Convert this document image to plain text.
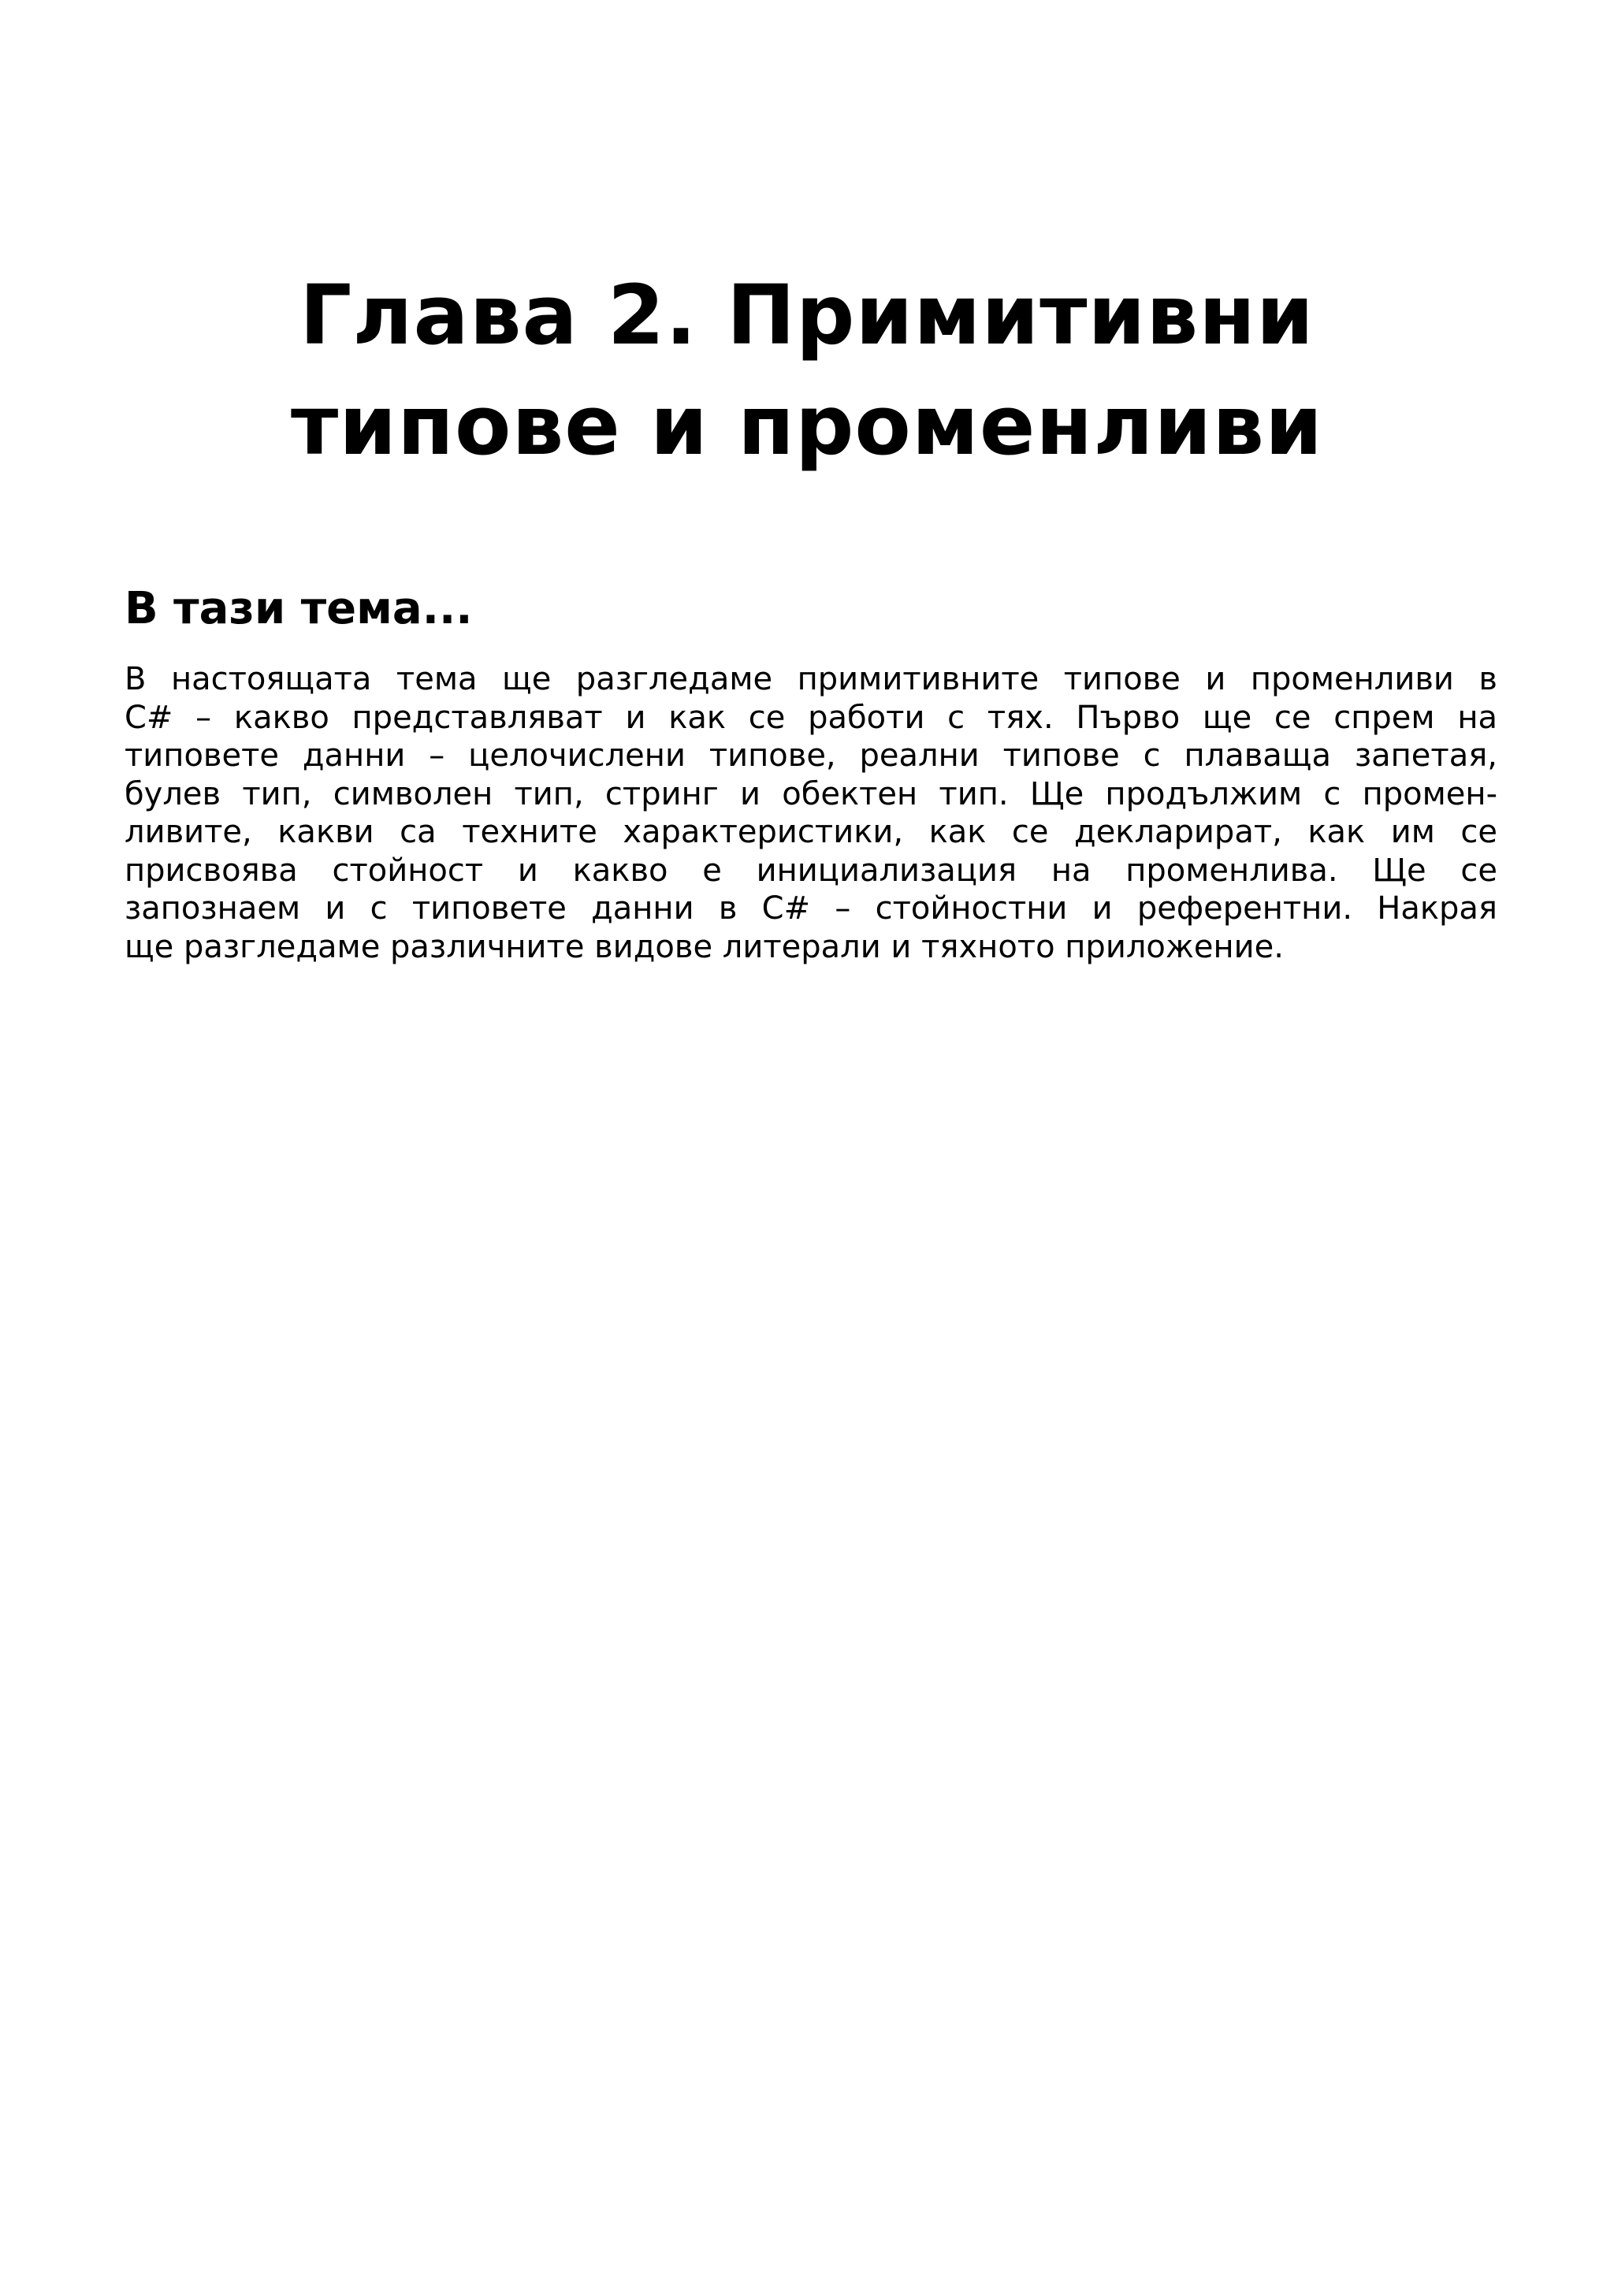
Глава 2. Примитивни
типове и променливи
В тази тема...

В настоящата тема ще разгледаме примитивните типове и променливи в
C# – какво представляват и как се работи с тях. Първо ще се спрем на
типовете данни – целочислени типове, реални типове с плаваща запетая,
булев тип, символен тип, стринг и обектен тип. Ще продължим с промен-
ливите, какви са техните характеристики, как се декларират, как им се
присвоява стойност и какво е инициализация на променлива. Ще се
запознаем и с типовете данни в C# – стойностни и референтни. Накрая
ще разгледаме различните видове литерали и тяхното приложение.
